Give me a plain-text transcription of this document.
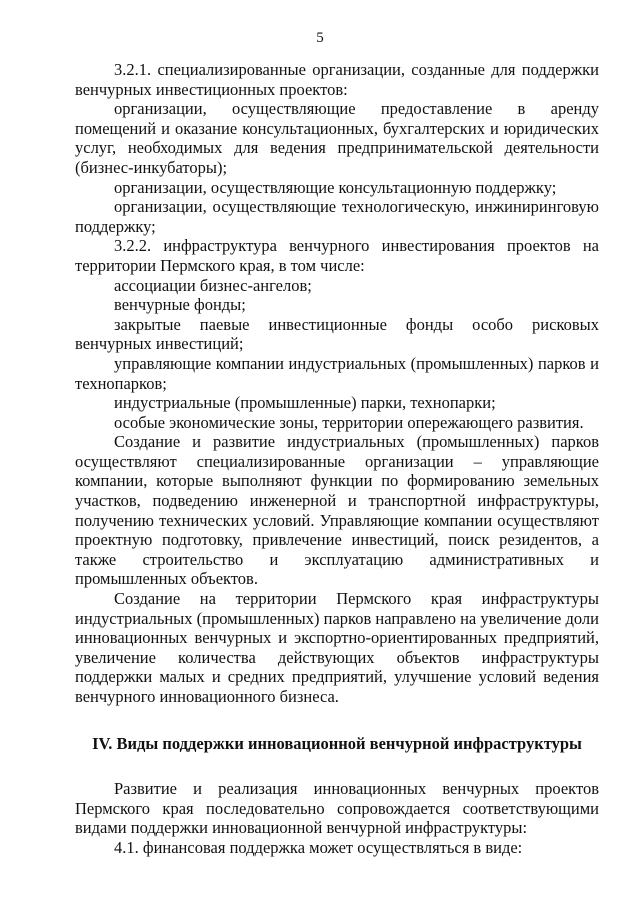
5

3.2.1. специализированные организации, созданные для поддержки венчурных инвестиционных проектов:

организации, осуществляющие предоставление в аренду помещений и оказание консультационных, бухгалтерских и юридических услуг, необходимых для ведения предпринимательской деятельности (бизнес-инкубаторы);

организации, осуществляющие консультационную поддержку;

организации, осуществляющие технологическую, инжиниринговую поддержку;

3.2.2. инфраструктура венчурного инвестирования проектов на территории Пермского края, в том числе:

ассоциации бизнес-ангелов;

венчурные фонды;

закрытые паевые инвестиционные фонды особо рисковых венчурных инвестиций;

управляющие компании индустриальных (промышленных) парков и технопарков;

индустриальные (промышленные) парки, технопарки;

особые экономические зоны, территории опережающего развития.

Создание и развитие индустриальных (промышленных) парков осуществляют специализированные организации – управляющие компании, которые выполняют функции по формированию земельных участков, подведению инженерной и транспортной инфраструктуры, получению технических условий. Управляющие компании осуществляют проектную подготовку, привлечение инвестиций, поиск резидентов, а также строительство и эксплуатацию административных и промышленных объектов.

Создание на территории Пермского края инфраструктуры индустриальных (промышленных) парков направлено на увеличение доли инновационных венчурных и экспортно-ориентированных предприятий, увеличение количества действующих объектов инфраструктуры поддержки малых и средних предприятий, улучшение условий ведения венчурного инновационного бизнеса.

IV. Виды поддержки инновационной венчурной инфраструктуры

Развитие и реализация инновационных венчурных проектов Пермского края последовательно сопровождается соответствующими видами поддержки инновационной венчурной инфраструктуры:

4.1. финансовая поддержка может осуществляться в виде:
